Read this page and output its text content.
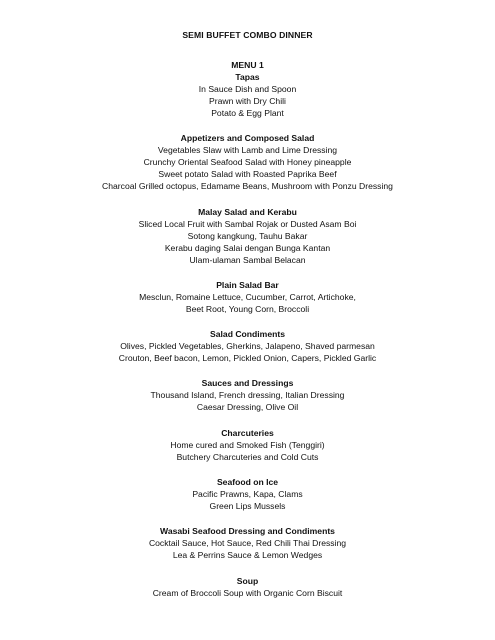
SEMI BUFFET COMBO DINNER

MENU 1

Tapas

In Sauce Dish and Spoon

Prawn with Dry Chili

Potato & Egg Plant

Appetizers and Composed Salad

Vegetables Slaw with Lamb and Lime Dressing

Crunchy Oriental Seafood Salad with Honey pineapple

Sweet potato Salad with Roasted Paprika Beef

Charcoal Grilled octopus, Edamame Beans, Mushroom with Ponzu Dressing

Malay Salad and Kerabu

Sliced Local Fruit with Sambal Rojak or Dusted Asam Boi

Sotong kangkung, Tauhu Bakar

Kerabu daging Salai dengan Bunga Kantan

Ulam-ulaman Sambal Belacan

Plain Salad Bar

Mesclun, Romaine Lettuce, Cucumber, Carrot, Artichoke,

Beet Root, Young Corn, Broccoli

Salad Condiments

Olives, Pickled Vegetables, Gherkins, Jalapeno, Shaved parmesan

Crouton, Beef bacon, Lemon, Pickled Onion, Capers, Pickled Garlic

Sauces and Dressings

Thousand Island, French dressing, Italian Dressing

Caesar Dressing, Olive Oil

Charcuteries

Home cured and Smoked Fish (Tenggiri)

Butchery Charcuteries and Cold Cuts

Seafood on Ice

Pacific Prawns, Kapa, Clams

Green Lips Mussels

Wasabi Seafood Dressing and Condiments

Cocktail Sauce, Hot Sauce, Red Chili Thai Dressing

Lea & Perrins Sauce & Lemon Wedges

Soup

Cream of Broccoli Soup with Organic Corn Biscuit
